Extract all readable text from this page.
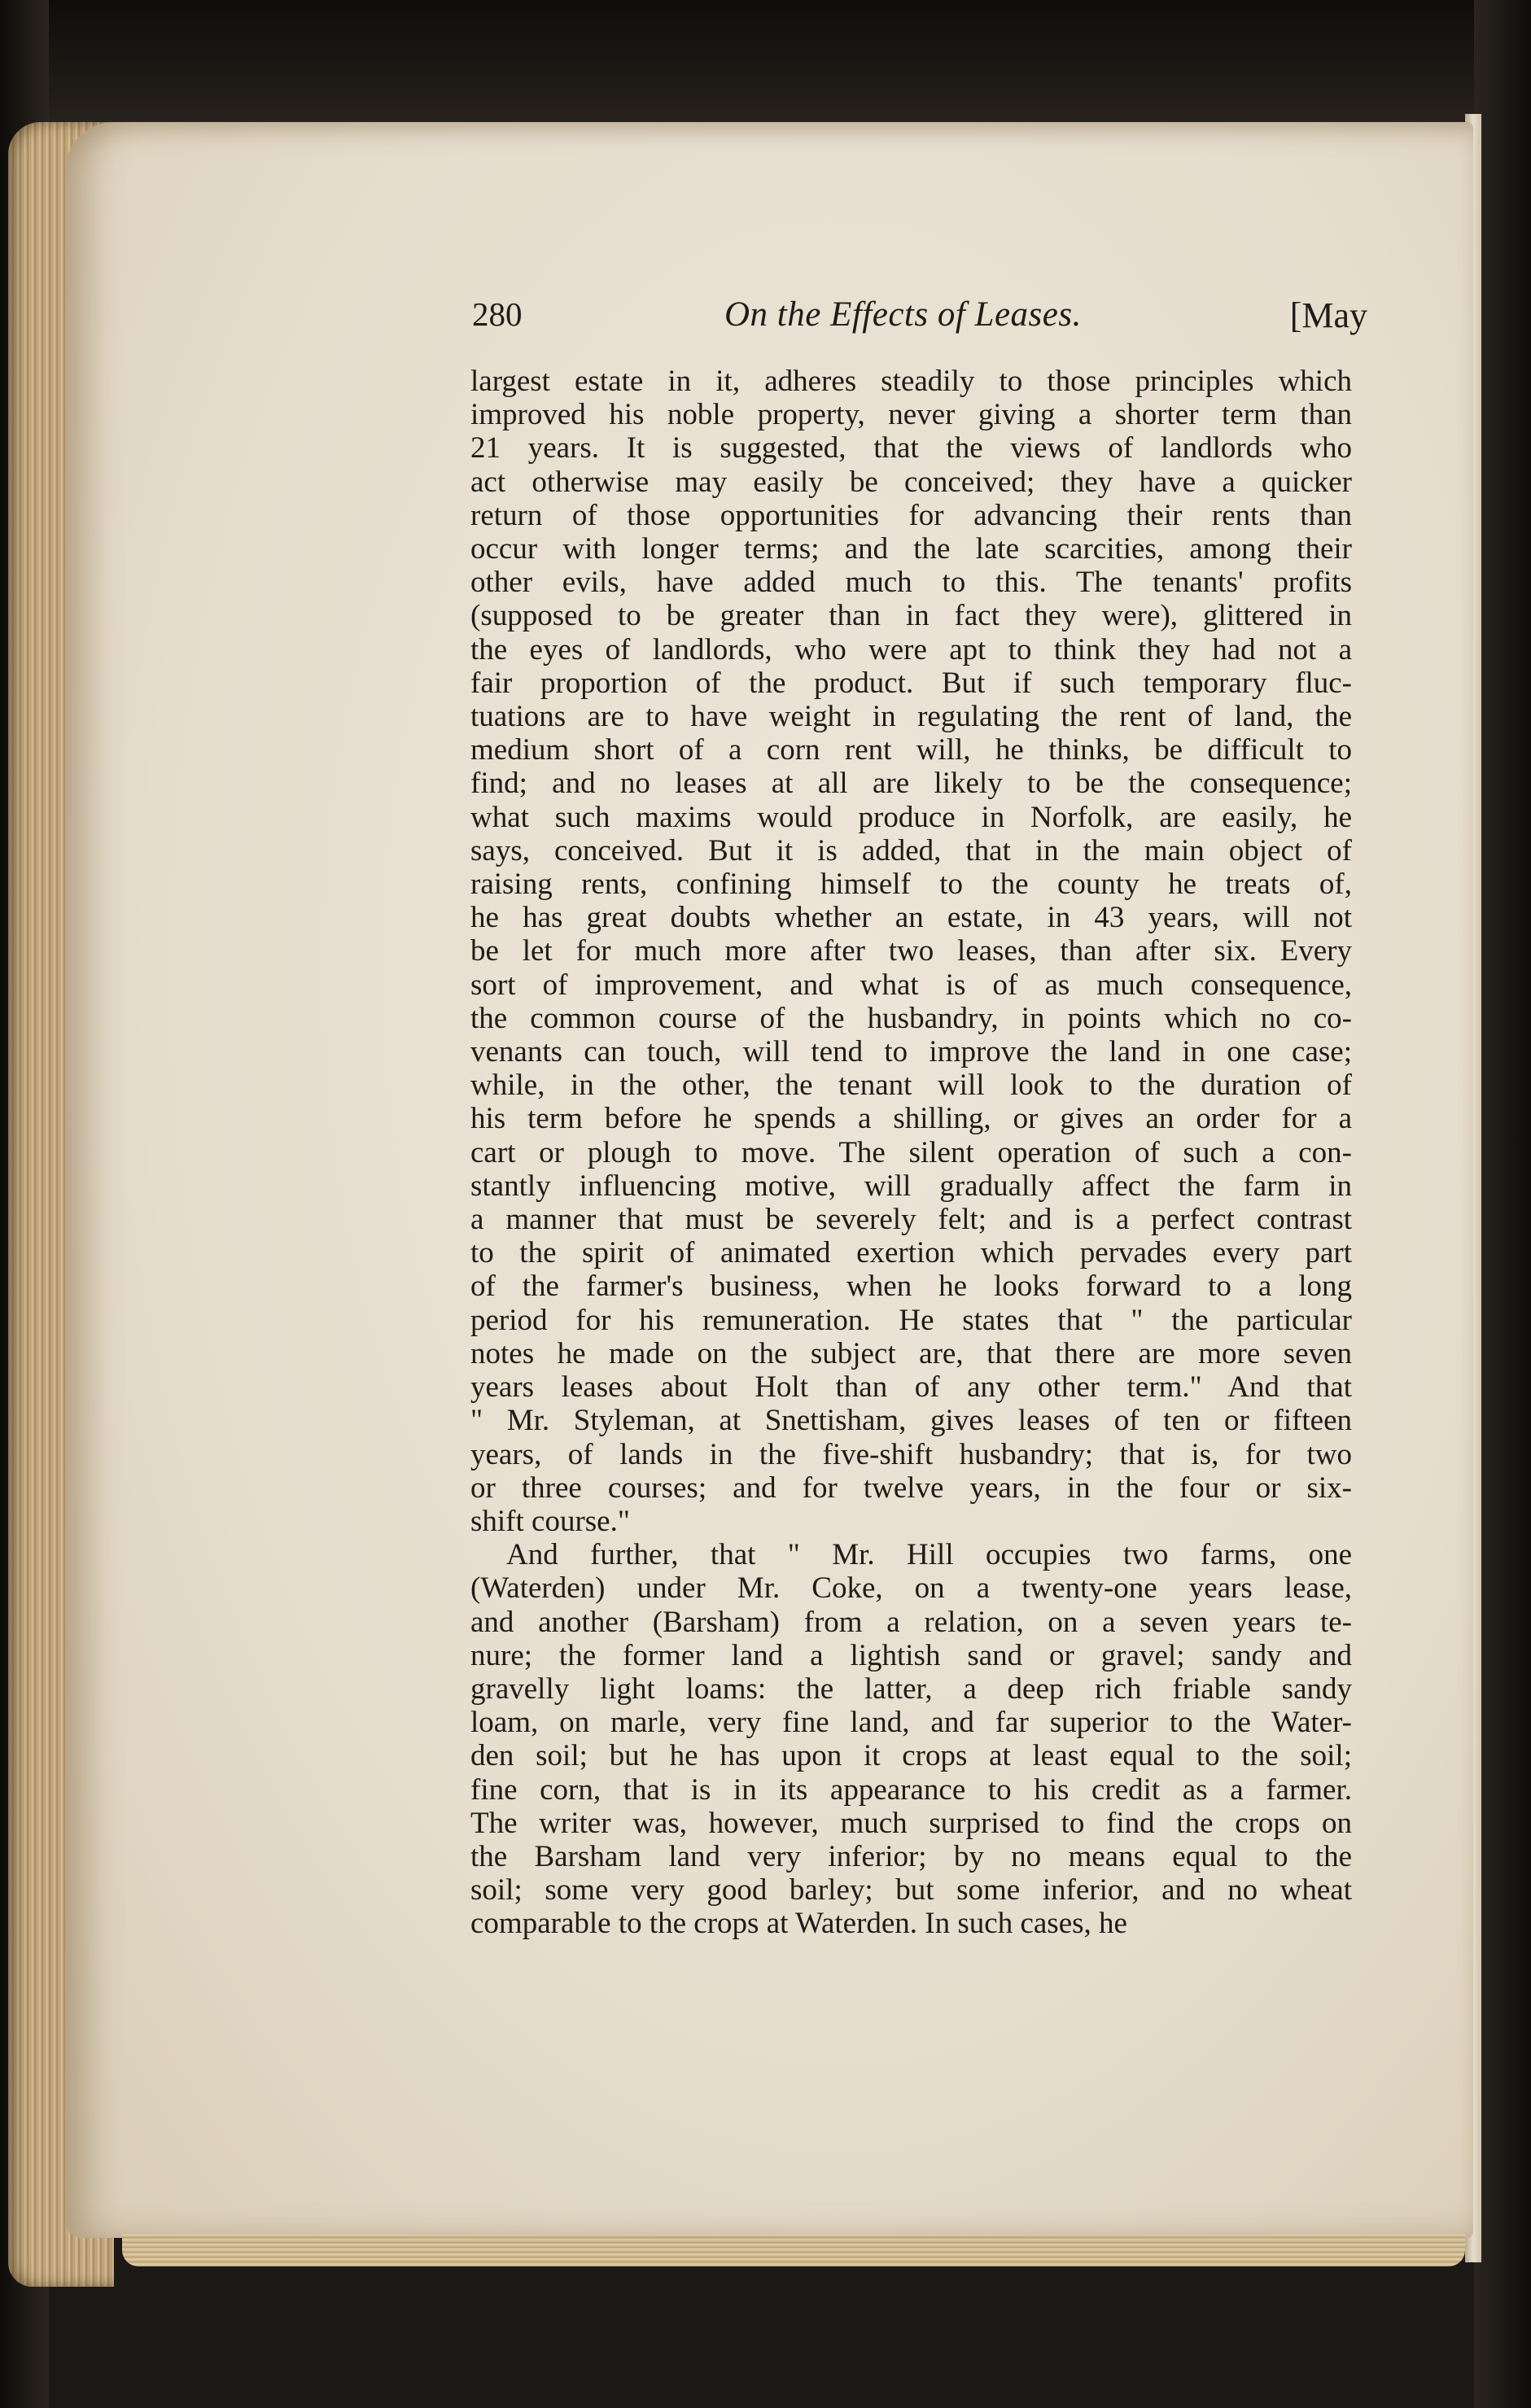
280	On the Effects of Leases.	[May
largest estate in it, adheres steadily to those principles which
improved his noble property, never giving a shorter term than
21 years. It is suggested, that the views of landlords who
act otherwise may easily be conceived; they have a quicker
return of those opportunities for advancing their rents than
occur with longer terms; and the late scarcities, among their
other evils, have added much to this. The tenants' profits
(supposed to be greater than in fact they were), glittered in
the eyes of landlords, who were apt to think they had not a
fair proportion of the product. But if such temporary fluc-
tuations are to have weight in regulating the rent of land, the
medium short of a corn rent will, he thinks, be difficult to
find; and no leases at all are likely to be the consequence;
what such maxims would produce in Norfolk, are easily, he
says, conceived. But it is added, that in the main object of
raising rents, confining himself to the county he treats of,
he has great doubts whether an estate, in 43 years, will not
be let for much more after two leases, than after six. Every
sort of improvement, and what is of as much consequence,
the common course of the husbandry, in points which no co-
venants can touch, will tend to improve the land in one case;
while, in the other, the tenant will look to the duration of
his term before he spends a shilling, or gives an order for a
cart or plough to move. The silent operation of such a con-
stantly influencing motive, will gradually affect the farm in
a manner that must be severely felt; and is a perfect contrast
to the spirit of animated exertion which pervades every part
of the farmer's business, when he looks forward to a long
period for his remuneration. He states that " the particular
notes he made on the subject are, that there are more seven
years leases about Holt than of any other term." And that
" Mr. Styleman, at Snettisham, gives leases of ten or fifteen
years, of lands in the five-shift husbandry; that is, for two
or three courses; and for twelve years, in the four or six-
shift course."
And further, that " Mr. Hill occupies two farms, one
(Waterden) under Mr. Coke, on a twenty-one years lease,
and another (Barsham) from a relation, on a seven years te-
nure; the former land a lightish sand or gravel; sandy and
gravelly light loams: the latter, a deep rich friable sandy
loam, on marle, very fine land, and far superior to the Water-
den soil; but he has upon it crops at least equal to the soil;
fine corn, that is in its appearance to his credit as a farmer.
The writer was, however, much surprised to find the crops on
the Barsham land very inferior; by no means equal to the
soil; some very good barley; but some inferior, and no wheat
comparable to the crops at Waterden. In such cases, he
